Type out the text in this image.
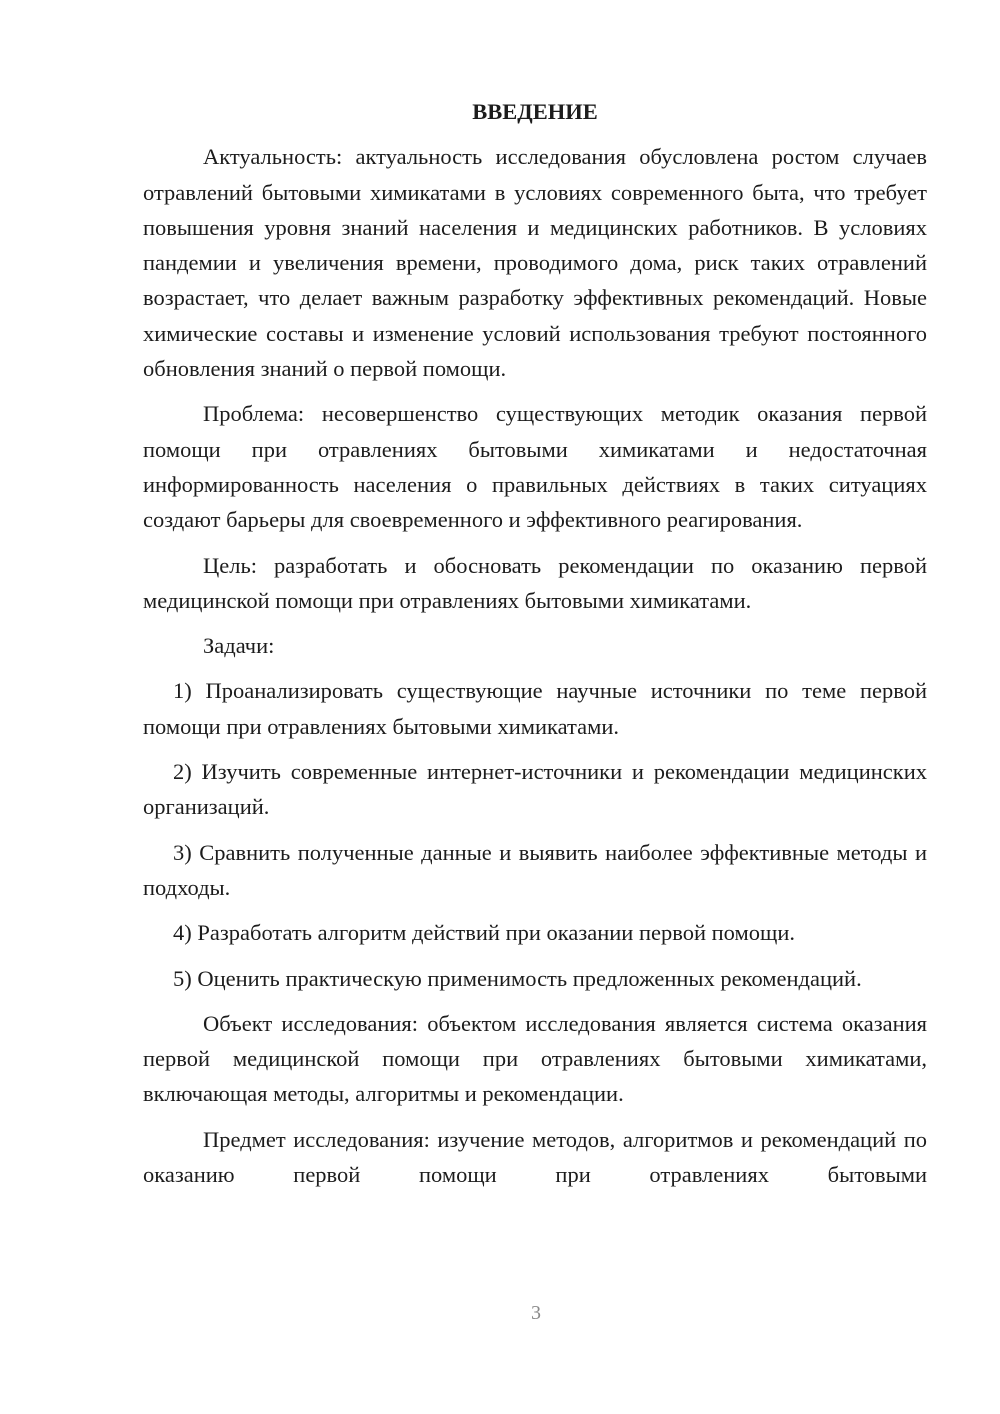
ВВЕДЕНИЕ

Актуальность: актуальность исследования обусловлена ростом случаев отравлений бытовыми химикатами в условиях современного быта, что требует повышения уровня знаний населения и медицинских работников. В условиях пандемии и увеличения времени, проводимого дома, риск таких отравлений возрастает, что делает важным разработку эффективных рекомендаций. Новые химические составы и изменение условий использования требуют постоянного обновления знаний о первой помощи.

Проблема: несовершенство существующих методик оказания первой помощи при отравлениях бытовыми химикатами и недостаточная информированность населения о правильных действиях в таких ситуациях создают барьеры для своевременного и эффективного реагирования.

Цель: разработать и обосновать рекомендации по оказанию первой медицинской помощи при отравлениях бытовыми химикатами.

Задачи:

1) Проанализировать существующие научные источники по теме первой помощи при отравлениях бытовыми химикатами.

2) Изучить современные интернет-источники и рекомендации медицинских организаций.

3) Сравнить полученные данные и выявить наиболее эффективные методы и подходы.

4) Разработать алгоритм действий при оказании первой помощи.

5) Оценить практическую применимость предложенных рекомендаций.

Объект исследования: объектом исследования является система оказания первой медицинской помощи при отравлениях бытовыми химикатами, включающая методы, алгоритмы и рекомендации.

Предмет исследования: изучение методов, алгоритмов и рекомендаций по оказанию первой помощи при отравлениях бытовыми

3
